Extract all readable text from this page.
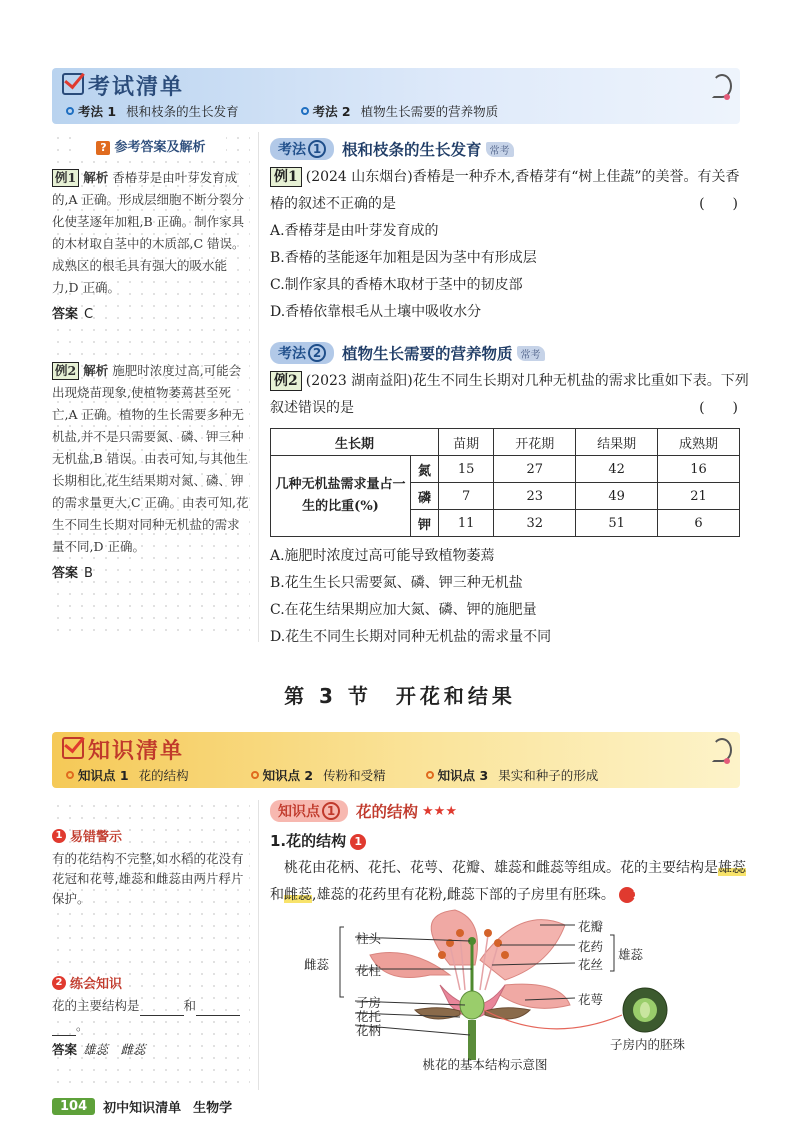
考试清单
考法 1 根和枝条的生长发育	考法 2 植物生长需要的营养物质
? 参考答案及解析
例1 解析 香椿芽是由叶芽发育成的,A 正确。形成层细胞不断分裂分化使茎逐年加粗,B 正确。制作家具的木材取自茎中的木质部,C 错误。成熟区的根毛具有强大的吸水能力,D 正确。
答案 C
例2 解析 施肥时浓度过高,可能会出现烧苗现象,使植物萎蔫甚至死亡,A 正确。植物的生长需要多种无机盐,并不是只需要氮、磷、钾三种无机盐,B 错误。由表可知,与其他生长期相比,花生结果期对氮、磷、钾的需求量更大,C 正确。由表可知,花生不同生长期对同种无机盐的需求量不同,D 正确。
答案 B
考法 1	根和枝条的生长发育 常考
例1 (2024 山东烟台)香椿是一种乔木,香椿芽有“树上佳蔬”的美誉。有关香椿的叙述不正确的是	(　　)
A.香椿芽是由叶芽发育成的
B.香椿的茎能逐年加粗是因为茎中有形成层
C.制作家具的香椿木取材于茎中的韧皮部
D.香椿依靠根毛从土壤中吸收水分
考法 2	植物生长需要的营养物质 常考
例2 (2023 湖南益阳)花生不同生长期对几种无机盐的需求比重如下表。下列叙述错误的是	(　　)
生长期		苗期	开花期	结果期	成熟期
几种无机盐需求量占一生的比重(%)	氮	15	27	42	16
	磷	7	23	49	21
	钾	11	32	51	6
A.施肥时浓度过高可能导致植物萎蔫
B.花生生长只需要氮、磷、钾三种无机盐
C.在花生结果期应加大氮、磷、钾的施肥量
D.花生不同生长期对同种无机盐的需求量不同
第 3 节　开花和结果
知识清单
知识点 1 花的结构	知识点 2 传粉和受精	知识点 3 果实和种子的形成
1 易错警示
有的花结构不完整,如水稻的花没有花冠和花萼,雄蕊和雌蕊由两片稃片保护。
2 练会知识
花的主要结构是	和
。
答案 雄蕊　雌蕊
知识点 1	花的结构 ★★★
1.花的结构 1
桃花由花柄、花托、花萼、花瓣、雄蕊和雌蕊等组成。花的主要结构是雄蕊和雌蕊,雄蕊的花药里有花粉,雌蕊下部的子房里有胚珠。 2
柱头
雌蕊 花柱
子房
花托
花柄
花瓣
花药
花丝
雄蕊
花萼
子房内的胚珠
桃花的基本结构示意图
104	初中知识清单 生物学
